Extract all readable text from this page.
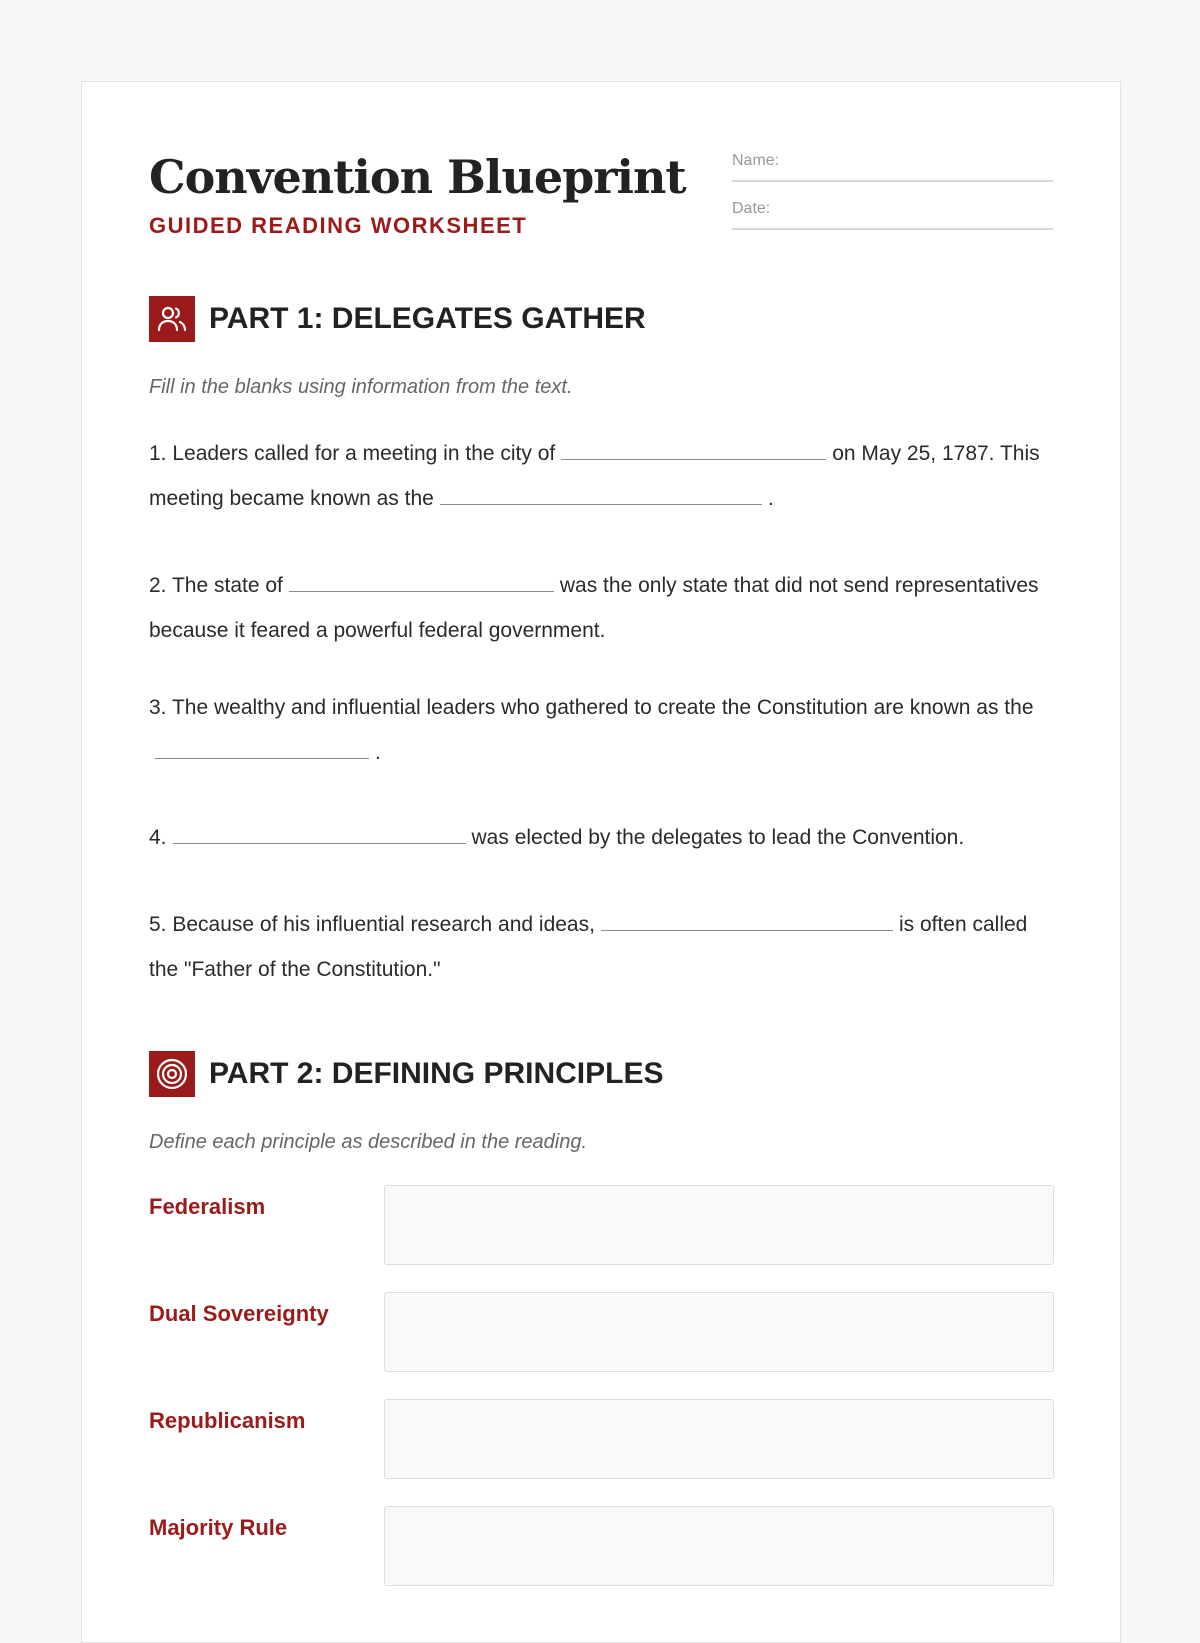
Convention Blueprint
GUIDED READING WORKSHEET
Name:
Date:
PART 1: DELEGATES GATHER
Fill in the blanks using information from the text.
1. Leaders called for a meeting in the city of	on May 25, 1787. This meeting became known as the	.
2. The state of	was the only state that did not send representatives because it feared a powerful federal government.
3. The wealthy and influential leaders who gathered to create the Constitution are known as the.
4.	was elected by the delegates to lead the Convention.
5. Because of his influential research and ideas,	is often called the "Father of the Constitution."
PART 2: DEFINING PRINCIPLES
Define each principle as described in the reading.
Federalism
Dual Sovereignty
Republicanism
Majority Rule
